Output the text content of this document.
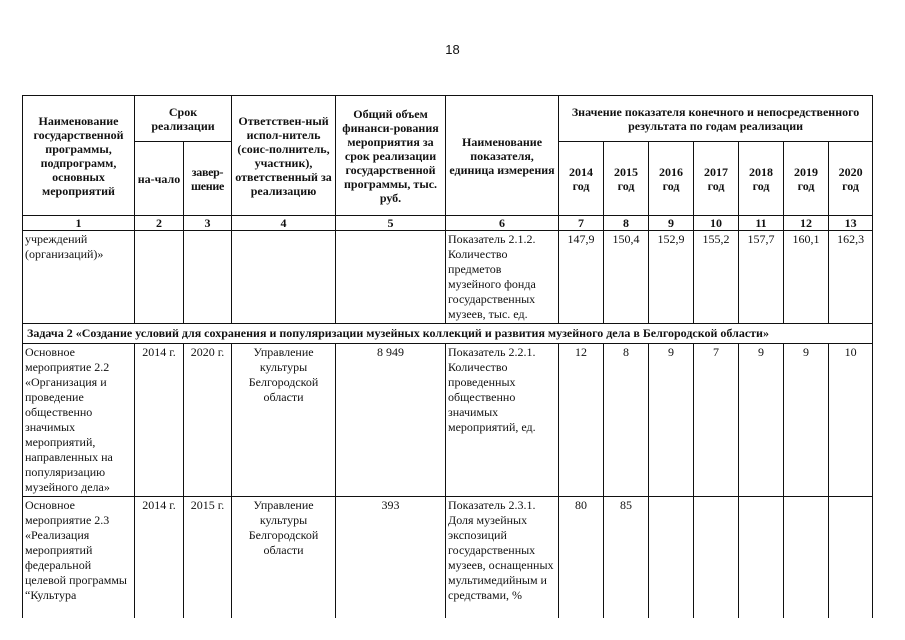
18
Наименование государственной программы, подпрограмм, основных мероприятий	Срок реализации		Ответствен-ный испол-нитель (соис-полнитель, участник), ответственный за реализацию	Общий объем финанси-рования мероприятия за срок реализации государственной программы, тыс. руб.	Наименование показателя, единица измерения	Значение показателя конечного и непосредственного результата по годам реализации						
	на-чало	завер-шение				2014 год	2015 год	2016 год	2017 год	2018 год	2019 год	2020 год
1	2	3	4	5	6	7	8	9	10	11	12	13
учреждений (организаций)»					Показатель 2.1.2. Количество предметов музейного фонда государственных музеев, тыс. ед.	147,9	150,4	152,9	155,2	157,7	160,1	162,3
Задача 2 «Создание условий для сохранения и популяризации музейных коллекций и развития музейного дела в Белгородской области»												
Основное мероприятие 2.2 «Организация и проведение общественно значимых мероприятий, направленных на популяризацию музейного дела»	2014 г.	2020 г.	Управление культуры Белгородской области	8 949	Показатель 2.2.1. Количество проведенных общественно значимых мероприятий, ед.	12	8	9	7	9	9	10
Основное мероприятие 2.3 «Реализация мероприятий федеральной целевой программы “Культура	2014 г.	2015 г.	Управление культуры Белгородской области	393	Показатель 2.3.1. Доля музейных экспозиций государственных музеев, оснащенных мультимедийным и средствами, %	80	85					
